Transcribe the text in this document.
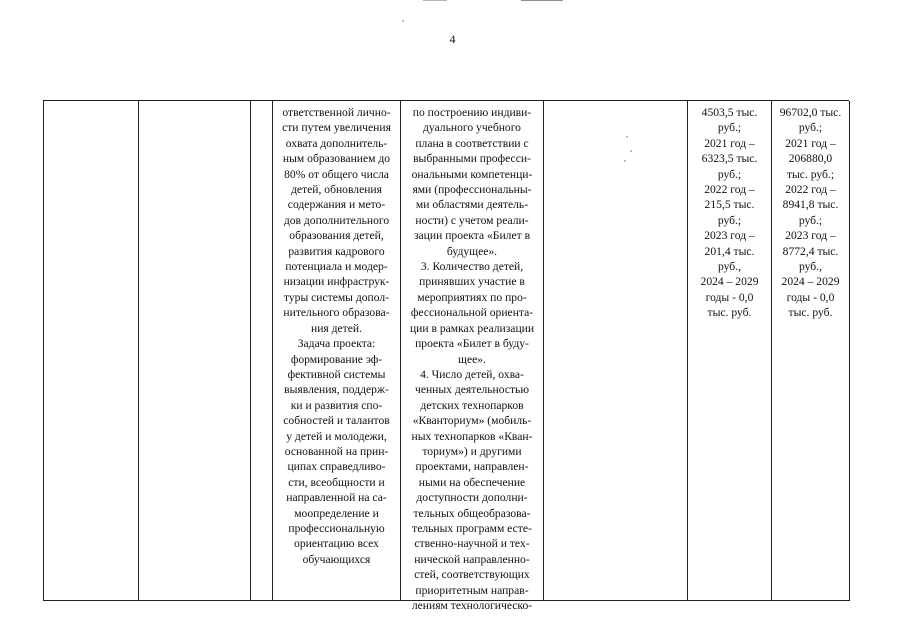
4

ответственной лично-
сти путем увеличения
охвата дополнитель-
ным образованием до
80% от общего числа
детей, обновления
содержания и мето-
дов дополнительного
образования детей,
развития кадрового
потенциала и модер-
низации инфраструк-
туры системы допол-
нительного образова-
ния детей.
Задача проекта:
формирование эф-
фективной системы
выявления, поддерж-
ки и развития спо-
собностей и талантов
у детей и молодежи,
основанной на прин-
ципах справедливо-
сти, всеобщности и
направленной на са-
моопределение и
профессиональную
ориентацию всех
обучающихся

по построению индиви-
дуального учебного
плана в соответствии с
выбранными професси-
ональными компетенци-
ями (профессиональны-
ми областями деятель-
ности) с учетом реали-
зации проекта «Билет в
будущее».
3. Количество детей,
принявших участие в
мероприятиях по про-
фессиональной ориента-
ции в рамках реализации
проекта «Билет в буду-
щее».
4. Число детей, охва-
ченных деятельностью
детских технопарков
«Кванториум» (мобиль-
ных технопарков «Кван-
ториум») и другими
проектами, направлен-
ными на обеспечение
доступности дополни-
тельных общеобразова-
тельных программ есте-
ственно-научной и тех-
нической направленно-
стей, соответствующих
приоритетным направ-
лениям технологическо-

4503,5 тыс.
руб.;
2021 год –
6323,5 тыс.
руб.;
2022 год –
215,5 тыс.
руб.;
2023 год –
201,4 тыс.
руб.,
2024 – 2029
годы - 0,0
тыс. руб.

96702,0 тыс.
руб.;
2021 год –
206880,0
тыс. руб.;
2022 год –
8941,8 тыс.
руб.;
2023 год –
8772,4 тыс.
руб.,
2024 – 2029
годы - 0,0
тыс. руб.
